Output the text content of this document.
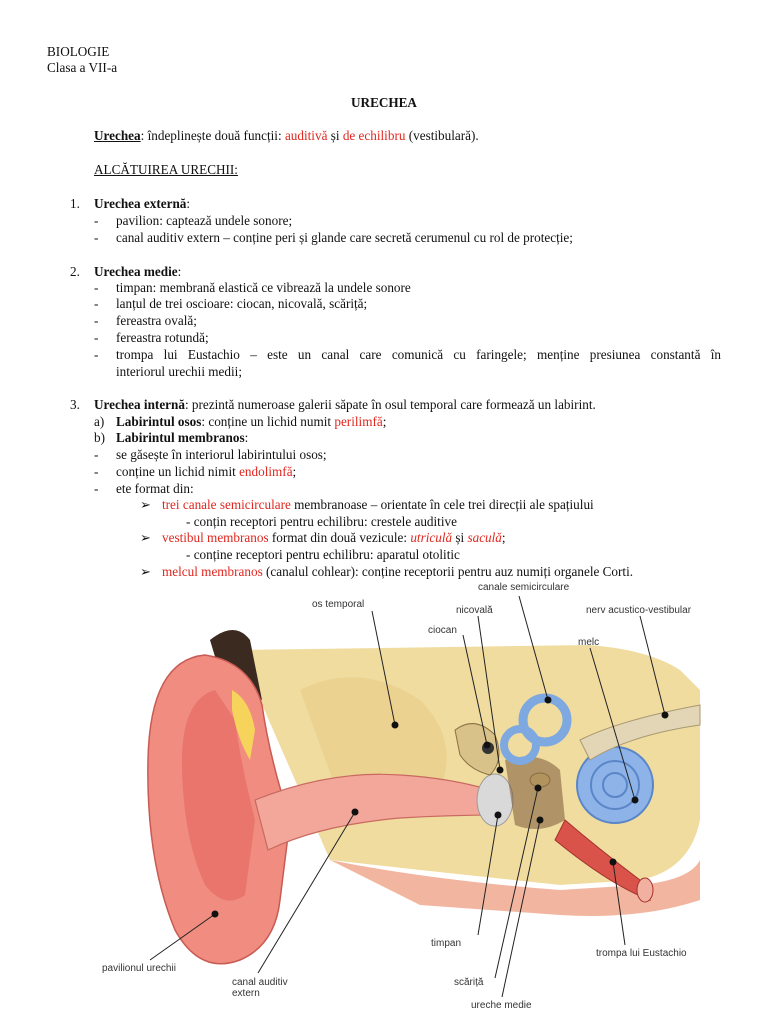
BIOLOGIE
Clasa a VII-a
URECHEA
Urechea: îndeplinește două funcții: auditivă și de echilibru (vestibulară).
ALCĂTUIREA URECHII:
1. Urechea externă:
- pavilion: captează undele sonore;
- canal auditiv extern – conține peri și glande care secretă cerumenul cu rol de protecție;
2. Urechea medie:
- timpan: membrană elastică ce vibrează la undele sonore
- lanțul de trei oscioare: ciocan, nicovală, scăriță;
- fereastra ovală;
- fereastra rotundă;
- trompa lui Eustachio – este un canal care comunică cu faringele; menține presiunea constantă în
interiorul urechii medii;
3. Urechea internă: prezintă numeroase galerii săpate în osul temporal care formează un labirint.
a) Labirintul osos: conține un lichid numit perilimfă;
b) Labirintul membranos:
- se găsește în interiorul labirintului osos;
- conține un lichid nimit endolimfă;
- ete format din:
➢ trei canale semicirculare membranoase – orientate în cele trei direcții ale spațiului
- conțin receptori pentru echilibru: crestele auditive
➢ vestibul membranos format din două vezicule: utriculă și saculă;
- conține receptori pentru echilibru: aparatul otolitic
➢ melcul membranos (canalul cohlear): conține receptorii pentru auz numiți organele Corti.
os temporal
canale semicirculare
nicovală	nerv acustico-vestibular
ciocan
melc
pavilionul urechii
canal auditiv extern
timpan
scăriță
ureche medie
trompa lui Eustachio
